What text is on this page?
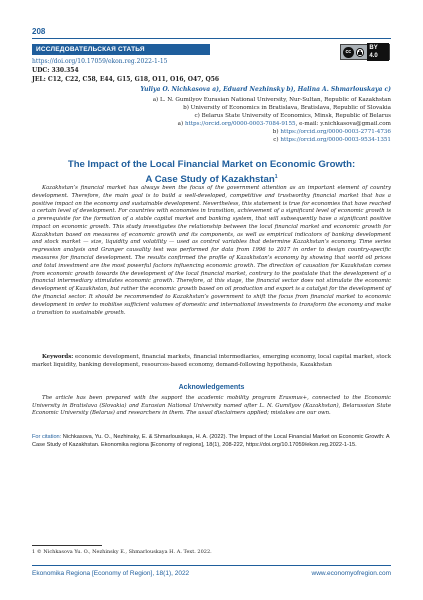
208
ИССЛЕДОВАТЕЛЬСКАЯ СТАТЬЯ	cc
BY 4.0
https://doi.org/10.17059/ekon.reg.2022-1-15
UDC: 330.354
JEL: C12, C22, C58, E44, G15, G18, O11, O16, O47, Q56
Yuliya O. Nichkasova a), Eduard Nezhinsky b), Halina A. Shmarlouskaya c)
a) L. N. Gumilyov Eurasian National University, Nur-Sultan, Republic of Kazakhstan
b) University of Economics in Bratislava, Bratislava, Republic of Slovakia
c) Belarus State University of Economics, Minsk, Republic of Belarus
a) https://orcid.org/0000-0003-7084-9155, e-mail: y.nichkasova@gmail.com
b) https://orcid.org/0000-0003-2771-4736
c) https://orcid.org/0000-0003-9534-1351
The Impact of the Local Financial Market on Economic Growth:
A Case Study of Kazakhstan$^1$
Kazakhstan’s financial market has always been the focus of the government attention as an important element of country development. Therefore, the main goal is to build a well-developed, competitive and trustworthy financial market that has a positive impact on the economy and sustainable development. Nevertheless, this statement is true for economies that have reached a certain level of development. For countries with economies in transition, achievement of a significant level of economic growth is a prerequisite for the formation of a stable capital market and banking system, that will subsequently have a significant positive impact on economic growth. This study investigates the relationship between the local financial market and economic growth for Kazakhstan based on measures of economic growth and its components, as well as empirical indicators of banking development and stock market — size, liquidity and volatility — used as control variables that determine Kazakhstan’s economy. Time series regression analysis and Granger causality test was performed for data from 1996 to 2017 in order to design country-specific measures for financial development. The results confirmed the profile of Kazakhstan’s economy by showing that world oil prices and total investment are the most powerful factors influencing economic growth. The direction of causation for Kazakhstan comes from economic growth towards the development of the local financial market, contrary to the postulate that the development of a financial intermediary stimulates economic growth. Therefore, at this stage, the financial sector does not stimulate the economic development of Kazakhstan, but rather the economic growth based on oil production and export is a catalyst for the development of the financial sector. It should be recommended to Kazakhstan’s government to shift the focus from financial market to economic development in order to mobilise sufficient volumes of domestic and international investments to transform the economy and make a transition to sustainable growth.
Keywords: economic development, financial markets, financial intermediaries, emerging economy, local capital market, stock market liquidity, banking development, resources-based economy, demand-following hypothesis, Kazakhstan
Acknowledgements
The article has been prepared with the support the academic mobility program Erasmus+, connected to the Economic University in Bratislava (Slovakia) and Eurasian National University named after L. N. Gumilyov (Kazakhstan), Belarussian State Economic University (Belarus) and researchers in them. The usual disclaimers applied; mistakes are our own.
For citation: Nichkasova, Yu. O., Nezhinsky, E. & Shmarlouskaya, H. A. (2022). The Impact of the Local Financial Market on Economic Growth: A Case Study of Kazakhstan. Ekonomika regiona [Economy of regions], 18(1), 208-222, https://doi.org/10.17059/ekon.reg.2022-1-15.
1 © Nichkasova Yu. O., Nezhinsky E., Shmarlouskaya H. A. Text. 2022.
Ekonomika Regiona [Economy of Region], 18(1), 2022	www.economyofregion.com
